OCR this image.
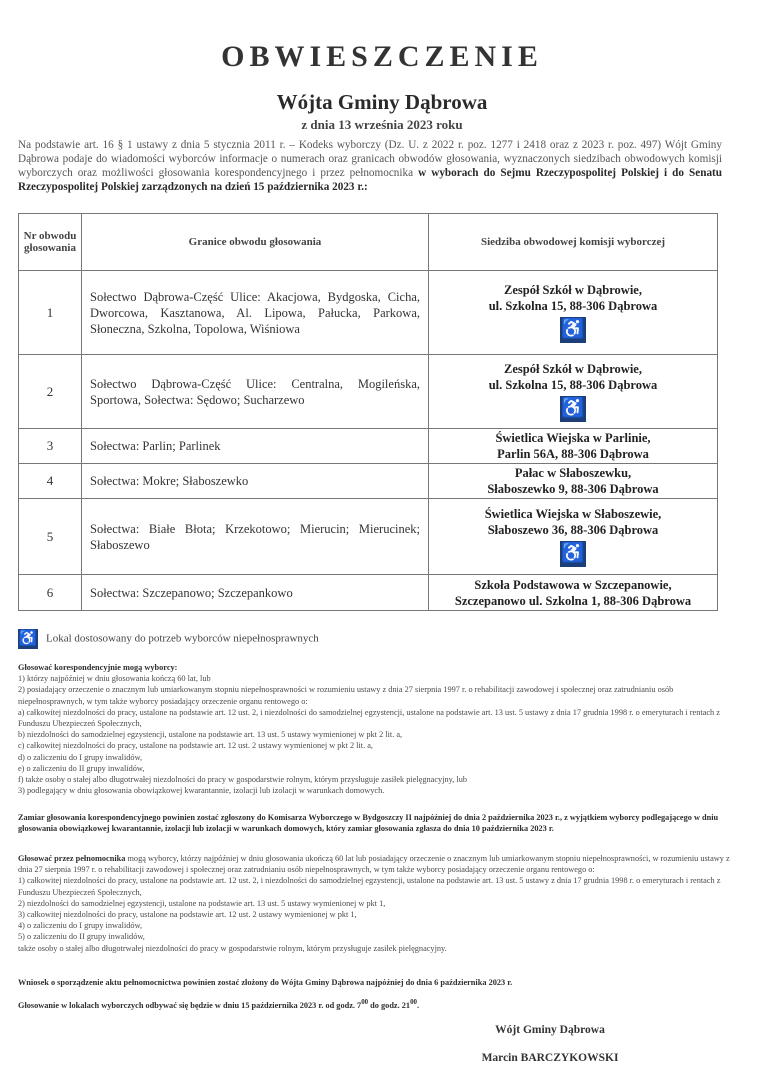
OBWIESZCZENIE
Wójta Gminy Dąbrowa
z dnia 13 września 2023 roku
Na podstawie art. 16 § 1 ustawy z dnia 5 stycznia 2011 r. – Kodeks wyborczy (Dz. U. z 2022 r. poz. 1277 i 2418 oraz z 2023 r. poz. 497) Wójt Gminy Dąbrowa podaje do wiadomości wyborców informacje o numerach oraz granicach obwodów głosowania, wyznaczonych siedzibach obwodowych komisji wyborczych oraz możliwości głosowania korespondencyjnego i przez pełnomocnika w wyborach do Sejmu Rzeczypospolitej Polskiej i do Senatu Rzeczypospolitej Polskiej zarządzonych na dzień 15 października 2023 r.:
Nr obwodu głosowania	Granice obwodu głosowania	Siedziba obwodowej komisji wyborczej
1	Sołectwo Dąbrowa-Część Ulice: Akacjowa, Bydgoska, Cicha, Dworcowa, Kasztanowa, Al. Lipowa, Pałucka, Parkowa, Słoneczna, Szkolna, Topolowa, Wiśniowa	Zespół Szkół w Dąbrowie,
ul. Szkolna 15, 88-306 Dąbrowa
♿
2	Sołectwo Dąbrowa-Część Ulice: Centralna, Mogileńska, Sportowa, Sołectwa: Sędowo; Sucharzewo	Zespół Szkół w Dąbrowie,
ul. Szkolna 15, 88-306 Dąbrowa
♿
3	Sołectwa: Parlin; Parlinek	Świetlica Wiejska w Parlinie,
Parlin 56A, 88-306 Dąbrowa

4	Sołectwa: Mokre; Słaboszewko	Pałac w Słaboszewku,
Słaboszewko 9, 88-306 Dąbrowa

5	Sołectwa: Białe Błota; Krzekotowo; Mierucin; Mierucinek; Słaboszewo	Świetlica Wiejska w Słaboszewie,
Słaboszewo 36, 88-306 Dąbrowa
♿
6	Sołectwa: Szczepanowo; Szczepankowo	Szkoła Podstawowa w Szczepanowie,
Szczepanowo ul. Szkolna 1, 88-306 Dąbrowa
♿ Lokal dostosowany do potrzeb wyborców niepełnosprawnych

Głosować korespondencyjnie mogą wyborcy:

1) którzy najpóźniej w dniu głosowania kończą 60 lat, lub

2) posiadający orzeczenie o znacznym lub umiarkowanym stopniu niepełnosprawności w rozumieniu ustawy z dnia 27 sierpnia 1997 r. o rehabilitacji zawodowej i społecznej oraz zatrudnianiu osób niepełnosprawnych, w tym także wyborcy posiadający orzeczenie organu rentowego o:

a) całkowitej niezdolności do pracy, ustalone na podstawie art. 12 ust. 2, i niezdolności do samodzielnej egzystencji, ustalone na podstawie art. 13 ust. 5 ustawy z dnia 17 grudnia 1998 r. o emeryturach i rentach z Funduszu Ubezpieczeń Społecznych,

b) niezdolności do samodzielnej egzystencji, ustalone na podstawie art. 13 ust. 5 ustawy wymienionej w pkt 2 lit. a,

c) całkowitej niezdolności do pracy, ustalone na podstawie art. 12 ust. 2 ustawy wymienionej w pkt 2 lit. a,

d) o zaliczeniu do I grupy inwalidów,

e) o zaliczeniu do II grupy inwalidów,

f) także osoby o stałej albo długotrwałej niezdolności do pracy w gospodarstwie rolnym, którym przysługuje zasiłek pielęgnacyjny, lub

3) podlegający w dniu głosowania obowiązkowej kwarantannie, izolacji lub izolacji w warunkach domowych.

Zamiar głosowania korespondencyjnego powinien zostać zgłoszony do Komisarza Wyborczego w Bydgoszczy II najpóźniej do dnia 2 października 2023 r., z wyjątkiem wyborcy podlegającego w dniu głosowania obowiązkowej kwarantannie, izolacji lub izolacji w warunkach domowych, który zamiar głosowania zgłasza do dnia 10 października 2023 r.

Głosować przez pełnomocnika mogą wyborcy, którzy najpóźniej w dniu głosowania ukończą 60 lat lub posiadający orzeczenie o znacznym lub umiarkowanym stopniu niepełnosprawności, w rozumieniu ustawy z dnia 27 sierpnia 1997 r. o rehabilitacji zawodowej i społecznej oraz zatrudnianiu osób niepełnosprawnych, w tym także wyborcy posiadający orzeczenie organu rentowego o:

1) całkowitej niezdolności do pracy, ustalone na podstawie art. 12 ust. 2, i niezdolności do samodzielnej egzystencji, ustalone na podstawie art. 13 ust. 5 ustawy z dnia 17 grudnia 1998 r. o emeryturach i rentach z Funduszu Ubezpieczeń Społecznych,

2) niezdolności do samodzielnej egzystencji, ustalone na podstawie art. 13 ust. 5 ustawy wymienionej w pkt 1,

3) całkowitej niezdolności do pracy, ustalone na podstawie art. 12 ust. 2 ustawy wymienionej w pkt 1,

4) o zaliczeniu do I grupy inwalidów,

5) o zaliczeniu do II grupy inwalidów,

także osoby o stałej albo długotrwałej niezdolności do pracy w gospodarstwie rolnym, którym przysługuje zasiłek pielęgnacyjny.

Wniosek o sporządzenie aktu pełnomocnictwa powinien zostać złożony do Wójta Gminy Dąbrowa najpóźniej do dnia 6 października 2023 r.

Głosowanie w lokalach wyborczych odbywać się będzie w dniu 15 października 2023 r. od godz. $7^{00}$ do godz. $21^{00}$.

Wójt Gminy Dąbrowa
Marcin BARCZYKOWSKI
